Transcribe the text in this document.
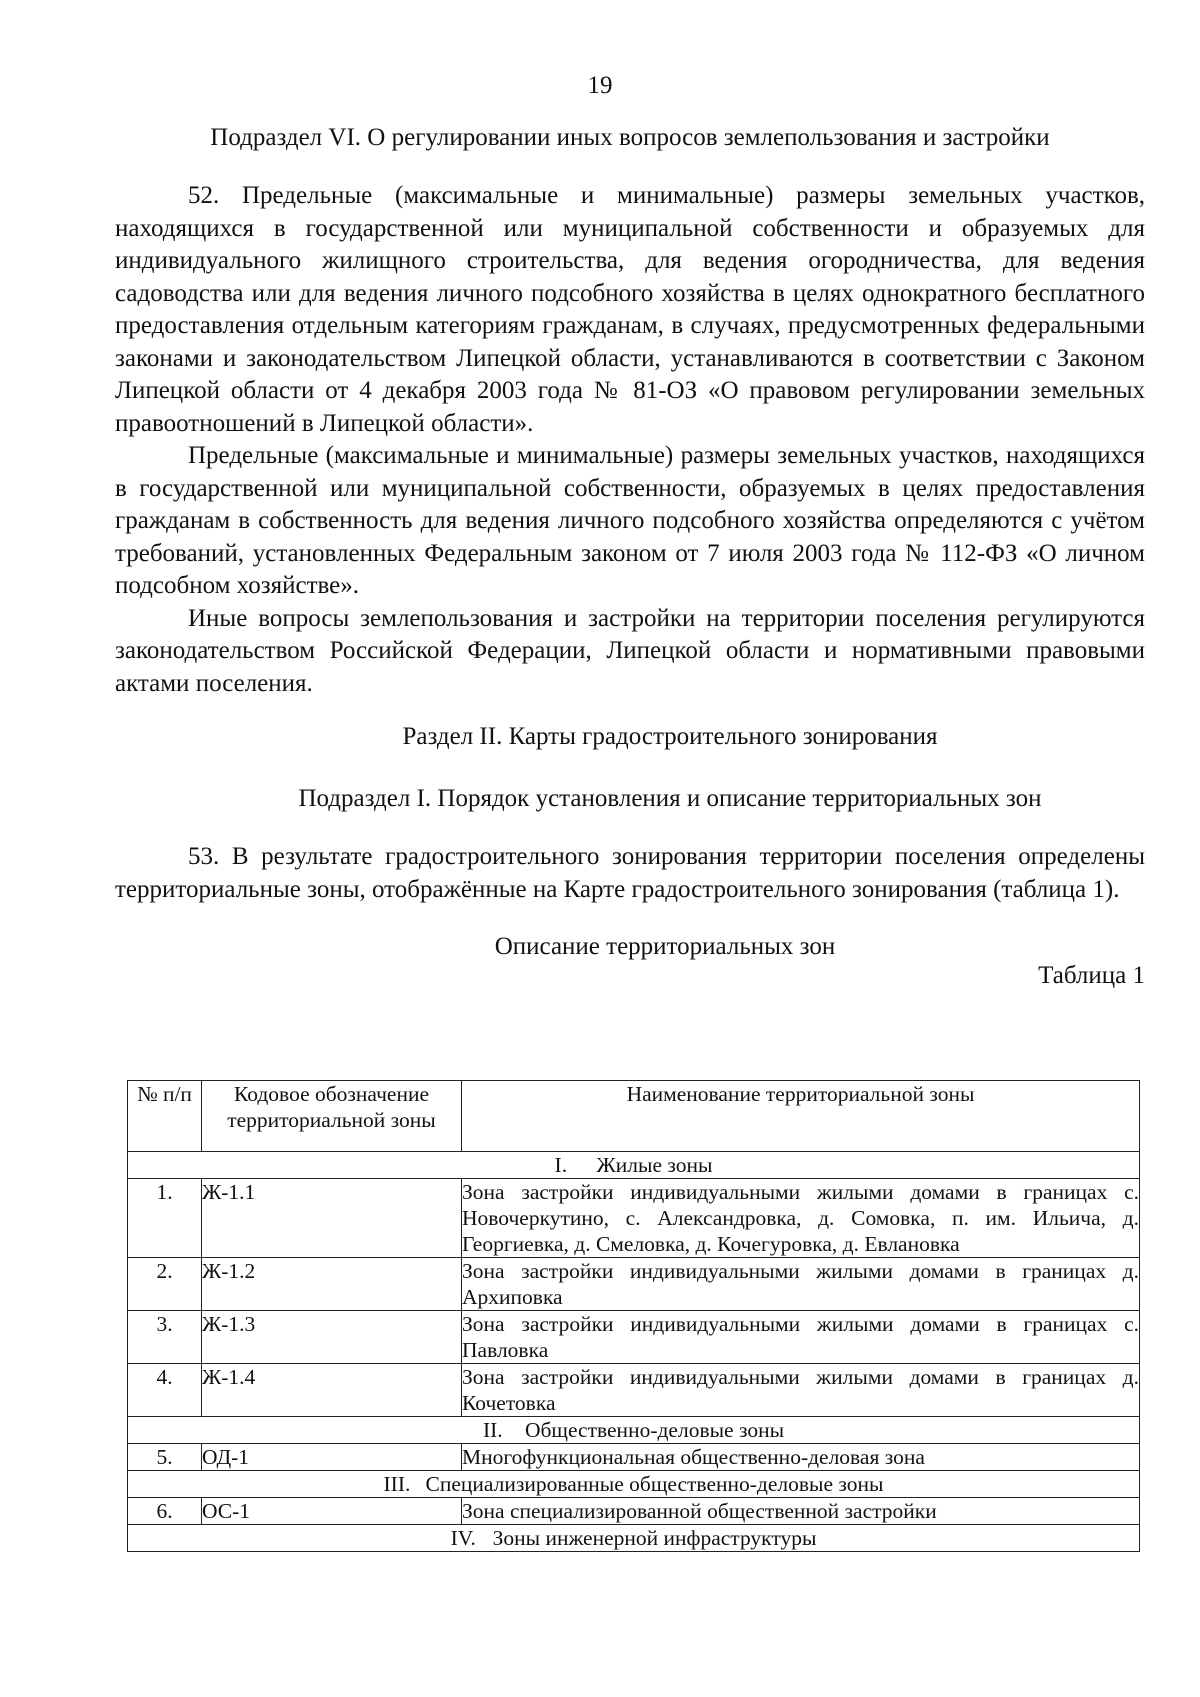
19
Подраздел VI. О регулировании иных вопросов землепользования и застройки

52. Предельные (максимальные и минимальные) размеры земельных участков, находящихся в государственной или муниципальной собственности и образуемых для индивидуального жилищного строительства, для ведения огородничества, для ведения садоводства или для ведения личного подсобного хозяйства в целях однократного бесплатного предоставления отдельным категориям гражданам, в случаях, предусмотренных федеральными законами и законодательством Липецкой области, устанавливаются в соответствии с Законом Липецкой области от 4 декабря 2003 года № 81-ОЗ «О правовом регулировании земельных правоотношений в Липецкой области».

Предельные (максимальные и минимальные) размеры земельных участков, находящихся в государственной или муниципальной собственности, образуемых в целях предоставления гражданам в собственность для ведения личного подсобного хозяйства определяются с учётом требований, установленных Федеральным законом от 7 июля 2003 года № 112-ФЗ «О личном подсобном хозяйстве».

Иные вопросы землепользования и застройки на территории поселения регулируются законодательством Российской Федерации, Липецкой области и нормативными правовыми актами поселения.

Раздел II. Карты градостроительного зонирования
Подраздел I. Порядок установления и описание территориальных зон

53. В результате градостроительного зонирования территории поселения определены территориальные зоны, отображённые на Карте градостроительного зонирования (таблица 1).

Описание территориальных зон
Таблица 1
№ п/п	Кодовое обозначение территориальной зоны	Наименование территориальной зоны
I. Жилые зоны		
1.	Ж-1.1	Зона застройки индивидуальными жилыми домами в границах с. Новочеркутино, с. Александровка, д. Сомовка, п. им. Ильича, д. Георгиевка, д. Смеловка, д. Кочегуровка, д. Евлановка
2.	Ж-1.2	Зона застройки индивидуальными жилыми домами в границах д. Архиповка
3.	Ж-1.3	Зона застройки индивидуальными жилыми домами в границах с. Павловка
4.	Ж-1.4	Зона застройки индивидуальными жилыми домами в границах д. Кочетовка
II. Общественно-деловые зоны		
5.	ОД-1	Многофункциональная общественно-деловая зона
III. Специализированные общественно-деловые зоны		
6.	ОС-1	Зона специализированной общественной застройки
IV. Зоны инженерной инфраструктуры		
